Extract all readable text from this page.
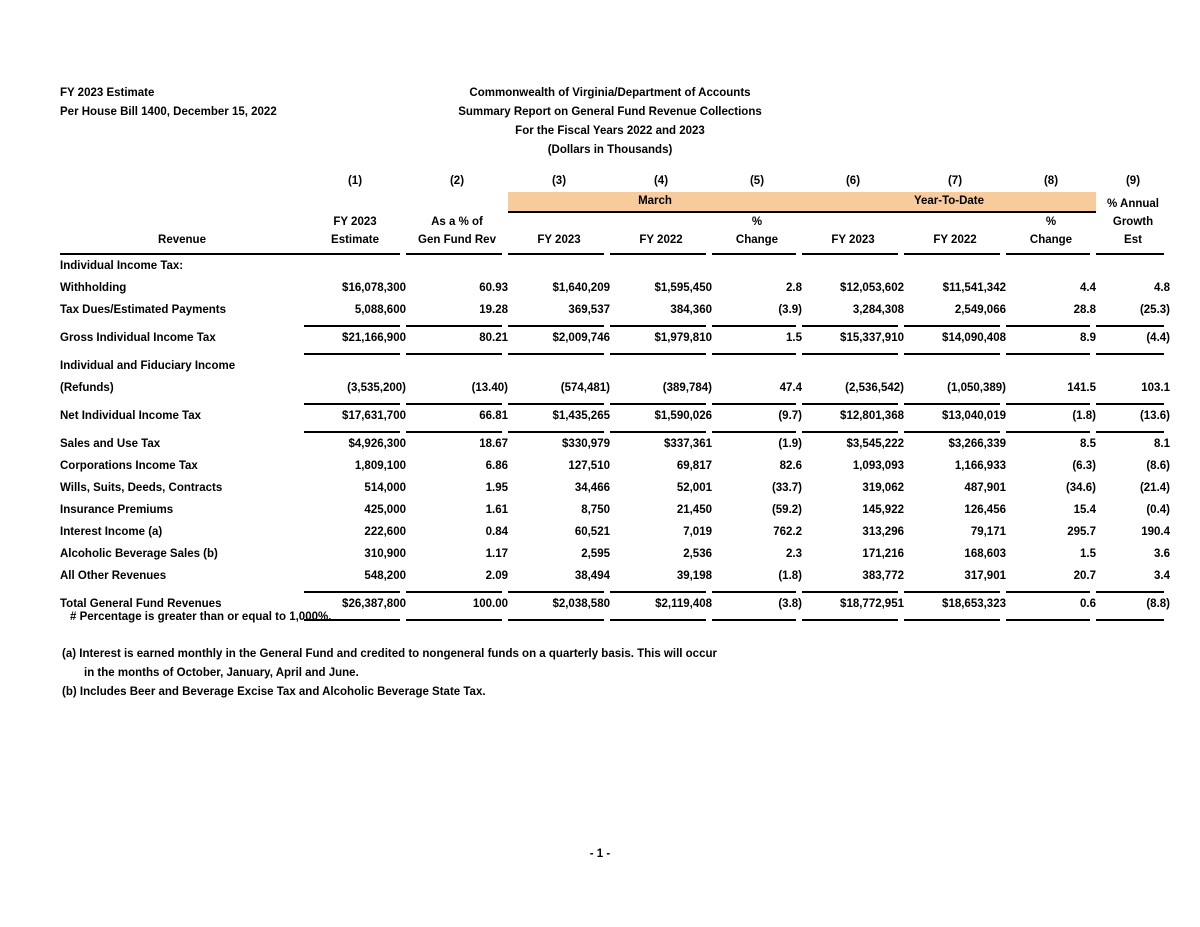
FY 2023 Estimate
Per House Bill 1400, December 15, 2022
Commonwealth of Virginia/Department of Accounts
Summary Report on General Fund Revenue Collections
For the Fiscal Years 2022 and 2023
(Dollars in Thousands)
	(1)	(2)	(3)	(4)	(5)	(6)	(7)	(8)	(9)

			March			Year-To-Date			% Annual
	FY 2023	As a % of			%			%	Growth
Revenue	Estimate	Gen Fund Rev	FY 2023	FY 2022	Change	FY 2023	FY 2022	Change	Est

Individual Income Tax:									
Withholding	$16,078,300	60.93	$1,640,209	$1,595,450	2.8	$12,053,602	$11,541,342	4.4	4.8
Tax Dues/Estimated Payments	5,088,600	19.28	369,537	384,360	(3.9)	3,284,308	2,549,066	28.8	(25.3)

Gross Individual Income Tax	$21,166,900	80.21	$2,009,746	$1,979,810	1.5	$15,337,910	$14,090,408	8.9	(4.4)

Individual and Fiduciary Income									
(Refunds)	(3,535,200)	(13.40)	(574,481)	(389,784)	47.4	(2,536,542)	(1,050,389)	141.5	103.1

Net Individual Income Tax	$17,631,700	66.81	$1,435,265	$1,590,026	(9.7)	$12,801,368	$13,040,019	(1.8)	(13.6)

Sales and Use Tax	$4,926,300	18.67	$330,979	$337,361	(1.9)	$3,545,222	$3,266,339	8.5	8.1
Corporations Income Tax	1,809,100	6.86	127,510	69,817	82.6	1,093,093	1,166,933	(6.3)	(8.6)
Wills, Suits, Deeds, Contracts	514,000	1.95	34,466	52,001	(33.7)	319,062	487,901	(34.6)	(21.4)
Insurance Premiums	425,000	1.61	8,750	21,450	(59.2)	145,922	126,456	15.4	(0.4)
Interest Income (a)	222,600	0.84	60,521	7,019	762.2	313,296	79,171	295.7	190.4
Alcoholic Beverage Sales (b)	310,900	1.17	2,595	2,536	2.3	171,216	168,603	1.5	3.6
All Other Revenues	548,200	2.09	38,494	39,198	(1.8)	383,772	317,901	20.7	3.4

Total General Fund Revenues	$26,387,800	100.00	$2,038,580	$2,119,408	(3.8)	$18,772,951	$18,653,323	0.6	(8.8)

# Percentage is greater than or equal to 1,000%.
(a) Interest is earned monthly in the General Fund and credited to nongeneral funds on a quarterly basis. This will occur
in the months of October, January, April and June.
(b) Includes Beer and Beverage Excise Tax and Alcoholic Beverage State Tax.
- 1 -
